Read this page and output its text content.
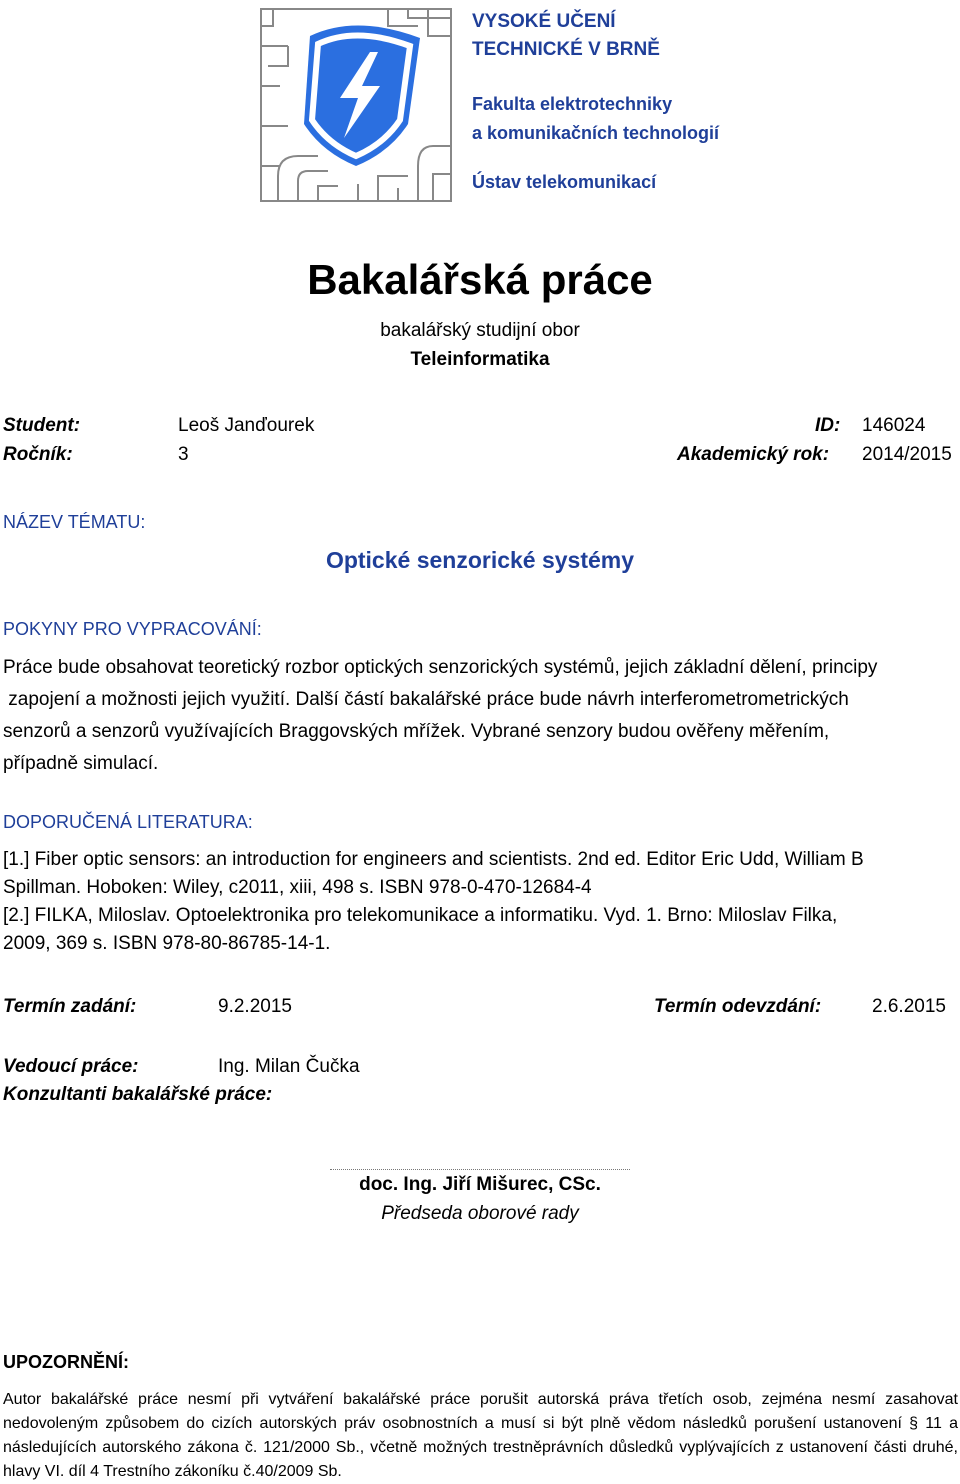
VYSOKÉ UČENÍ
TECHNICKÉ V BRNĚ
Fakulta elektrotechniky
a komunikačních technologií
Ústav telekomunikací
Bakalářská práce
bakalářský studijní obor
Teleinformatika
Student:	Leoš Janďourek	ID: 146024
Ročník:	3	Akademický rok: 2014/2015
NÁZEV TÉMATU:
Optické senzorické systémy
POKYNY PRO VYPRACOVÁNÍ:
Práce bude obsahovat teoretický rozbor optických senzorických systémů, jejich základní dělení, principy
zapojení a možnosti jejich využití. Další částí bakalářské práce bude návrh interferometrometrických
senzorů a senzorů využívajících Braggovských mřížek. Vybrané senzory budou ověřeny měřením,
případně simulací.
DOPORUČENÁ LITERATURA:
[1.] Fiber optic sensors: an introduction for engineers and scientists. 2nd ed. Editor Eric Udd, William B
Spillman. Hoboken: Wiley, c2011, xiii, 498 s. ISBN 978-0-470-12684-4
[2.] FILKA, Miloslav. Optoelektronika pro telekomunikace a informatiku. Vyd. 1. Brno: Miloslav Filka,
2009, 369 s. ISBN 978-80-86785-14-1.
Termín zadání:	9.2.2015	Termín odevzdání:	2.6.2015
Vedoucí práce:	Ing. Milan Čučka
Konzultanti bakalářské práce:
doc. Ing. Jiří Mišurec, CSc.
Předseda oborové rady
UPOZORNĚNÍ:
Autor bakalářské práce nesmí při vytváření bakalářské práce porušit autorská práva třetích osob, zejména nesmí zasahovat nedovoleným způsobem do cizích autorských práv osobnostních a musí si být plně vědom následků porušení ustanovení § 11 a následujících autorského zákona č. 121/2000 Sb., včetně možných trestněprávních důsledků vyplývajících z ustanovení části druhé, hlavy VI. díl 4 Trestního zákoníku č.40/2009 Sb.
